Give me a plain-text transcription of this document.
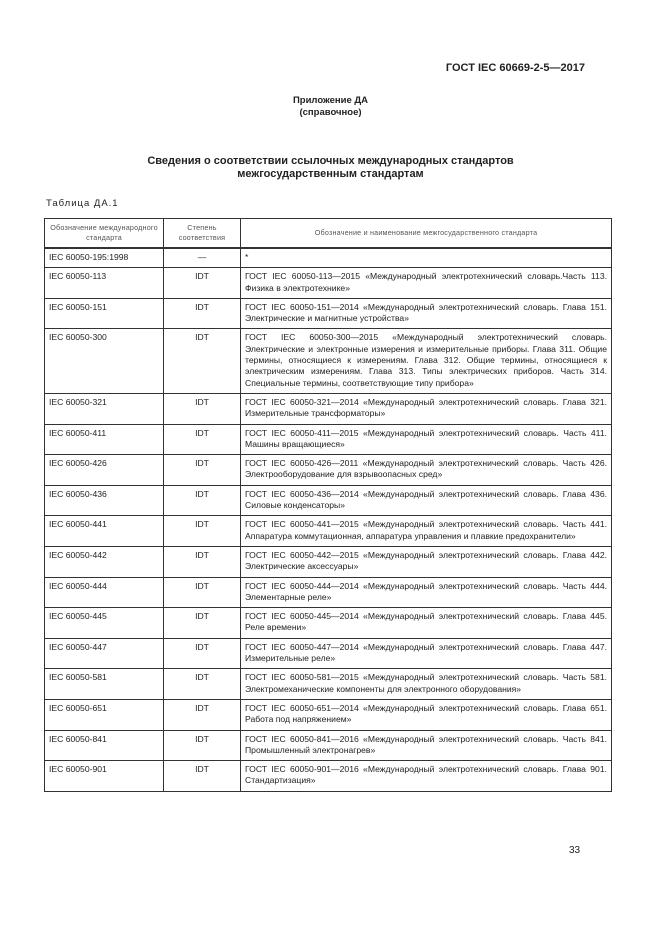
ГОСТ IEC 60669-2-5—2017
Приложение ДА
(справочное)
Сведения о соответствии ссылочных международных стандартов
межгосударственным стандартам
Таблица ДА.1
Обозначение международного стандарта	Степень соответствия	Обозначение и наименование межгосударственного стандарта
IEC 60050-195:1998	—	*
IEC 60050-113	IDT	ГОСТ IEC 60050-113—2015 «Международный электротехнический словарь.Часть 113. Физика в электротехнике»
IEC 60050-151	IDT	ГОСТ IEC 60050-151—2014 «Международный электротехнический словарь. Глава 151. Электрические и магнитные устройства»
IEC 60050-300	IDT	ГОСТ IEC 60050-300—2015 «Международный электротехнический словарь. Электрические и электронные измерения и измерительные приборы. Глава 311. Общие термины, относящиеся к измерениям. Глава 312. Общие термины, относящиеся к электрическим измерениям. Глава 313. Типы электрических приборов. Часть 314. Специальные термины, соответствующие типу прибора»
IEC 60050-321	IDT	ГОСТ IEC 60050-321—2014 «Международный электротехнический словарь. Глава 321. Измерительные трансформаторы»
IEC 60050-411	IDT	ГОСТ IEC 60050-411—2015 «Международный электротехнический словарь. Часть 411. Машины вращающиеся»
IEC 60050-426	IDT	ГОСТ IEC 60050-426—2011 «Международный электротехнический словарь. Часть 426. Электрооборудование для взрывоопасных сред»
IEC 60050-436	IDT	ГОСТ IEC 60050-436—2014 «Международный электротехнический словарь. Глава 436. Силовые конденсаторы»
IEC 60050-441	IDT	ГОСТ IEC 60050-441—2015 «Международный электротехнический словарь. Часть 441. Аппаратура коммутационная, аппаратура управления и плавкие предохранители»
IEC 60050-442	IDT	ГОСТ IEC 60050-442—2015 «Международный электротехнический словарь. Глава 442. Электрические аксессуары»
IEC 60050-444	IDT	ГОСТ IEC 60050-444—2014 «Международный электротехнический словарь. Часть 444. Элементарные реле»
IEC 60050-445	IDT	ГОСТ IEC 60050-445—2014 «Международный электротехнический словарь. Глава 445. Реле времени»
IEC 60050-447	IDT	ГОСТ IEC 60050-447—2014 «Международный электротехнический словарь. Глава 447. Измерительные реле»
IEC 60050-581	IDT	ГОСТ IEC 60050-581—2015 «Международный электротехнический словарь. Часть 581. Электромеханические компоненты для электронного оборудования»
IEC 60050-651	IDT	ГОСТ IEC 60050-651—2014 «Международный электротехнический словарь. Глава 651. Работа под напряжением»
IEC 60050-841	IDT	ГОСТ IEC 60050-841—2016 «Международный электротехнический словарь. Часть 841. Промышленный электронагрев»
IEC 60050-901	IDT	ГОСТ IEC 60050-901—2016 «Международный электротехнический словарь. Глава 901. Стандартизация»
33
